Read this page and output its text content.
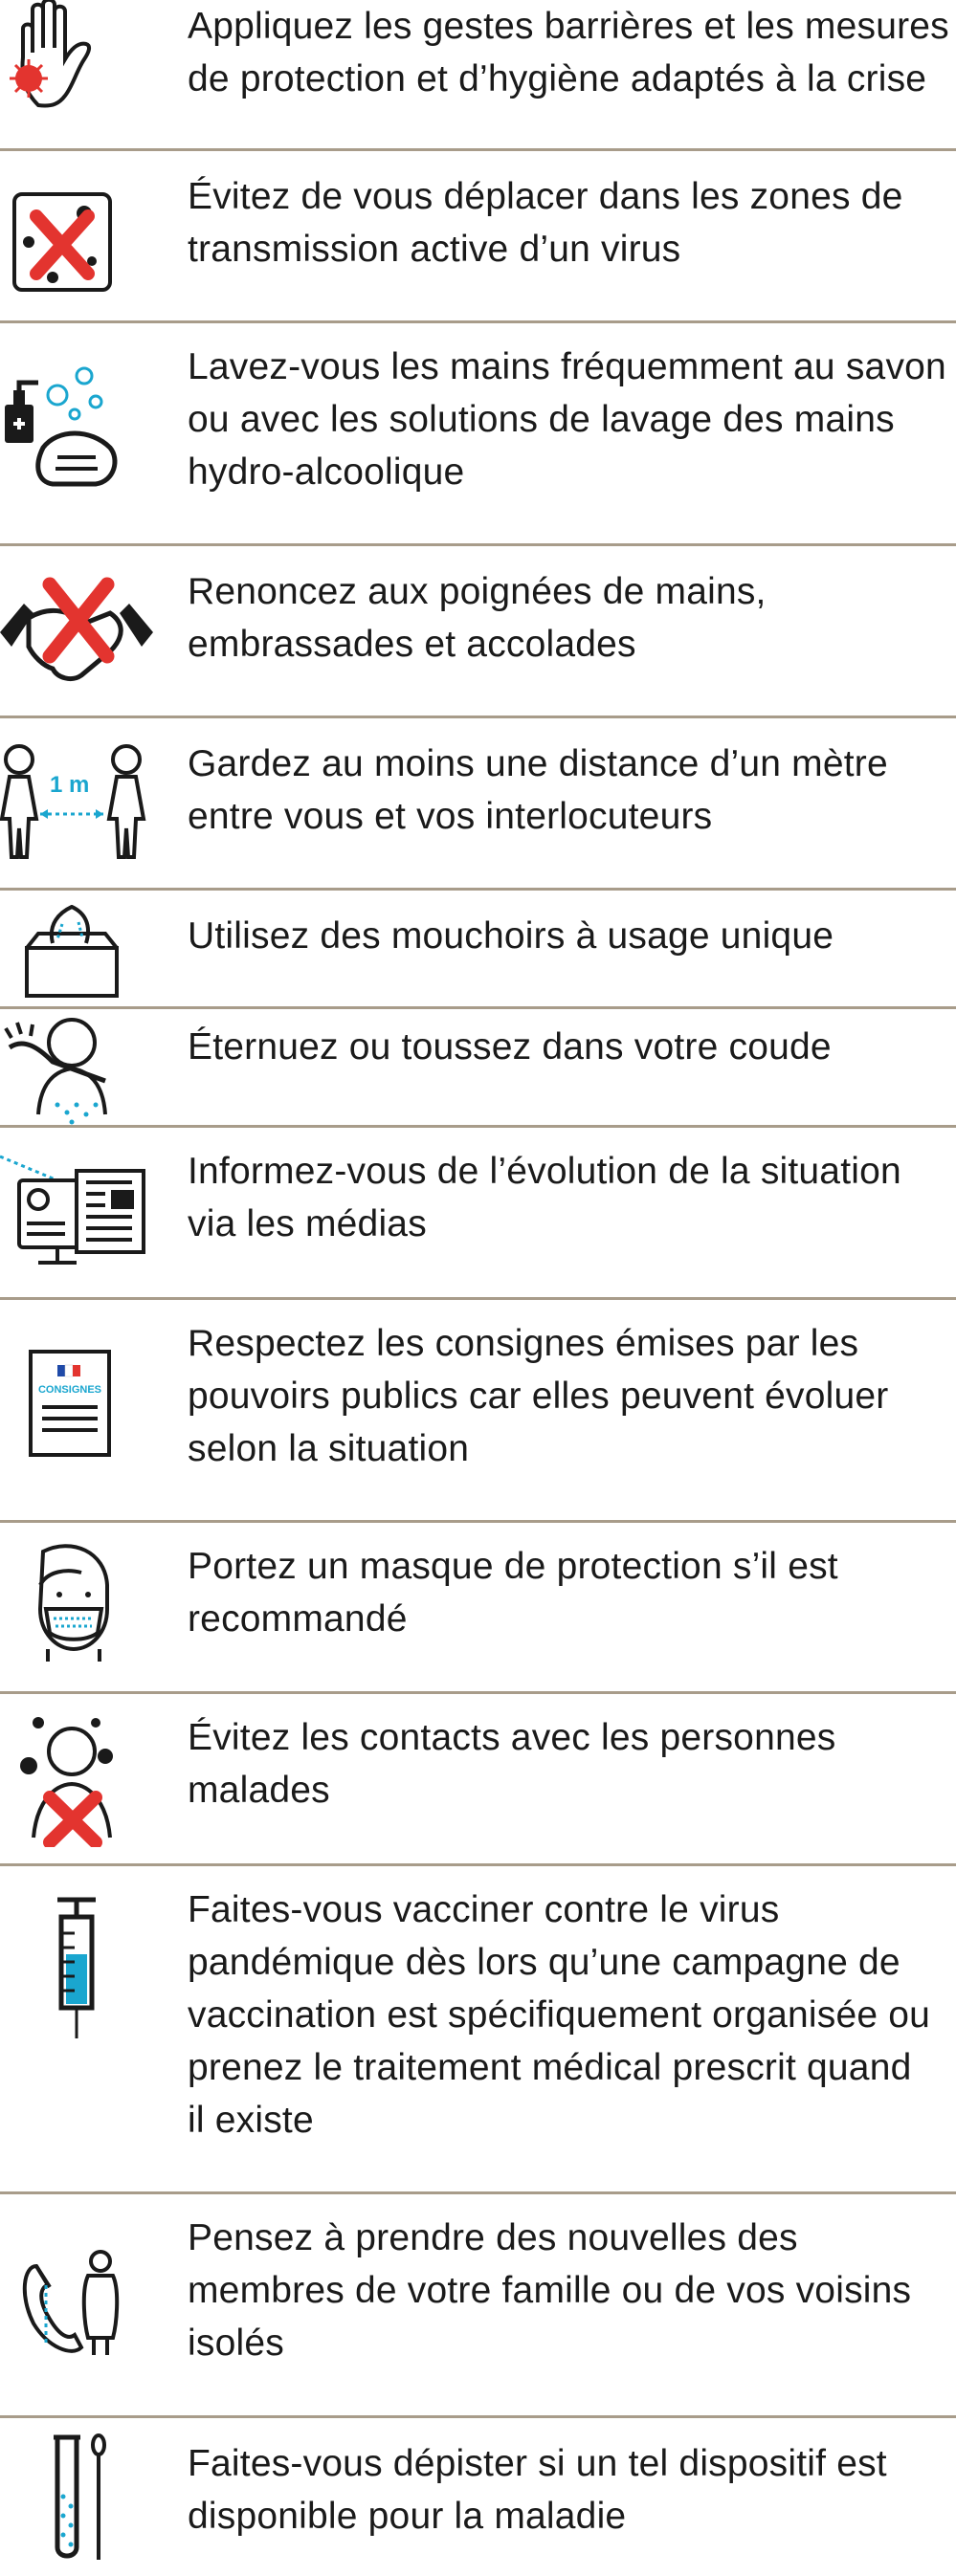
Appliquez les gestes barrières et les mesures
de protection et d’hygiène adaptés à la crise
Évitez de vous déplacer dans les zones de
transmission active d’un virus
Lavez-vous les mains fréquemment au savon
ou avec les solutions de lavage des mains
hydro-alcoolique
Renoncez aux poignées de mains,
embrassades et accolades
1 m
Gardez au moins une distance d’un mètre
entre vous et vos interlocuteurs
Utilisez des mouchoirs à usage unique
Éternuez ou toussez dans votre coude
Informez-vous de l’évolution de la situation
via les médias
CONSIGNES
Respectez les consignes émises par les
pouvoirs publics car elles peuvent évoluer
selon la situation
Portez un masque de protection s’il est
recommandé
Évitez les contacts avec les personnes
malades
Faites-vous vacciner contre le virus
pandémique dès lors qu’une campagne de
vaccination est spécifiquement organisée ou
prenez le traitement médical prescrit quand
il existe
Pensez à prendre des nouvelles des
membres de votre famille ou de vos voisins
isolés
Faites-vous dépister si un tel dispositif est
disponible pour la maladie
